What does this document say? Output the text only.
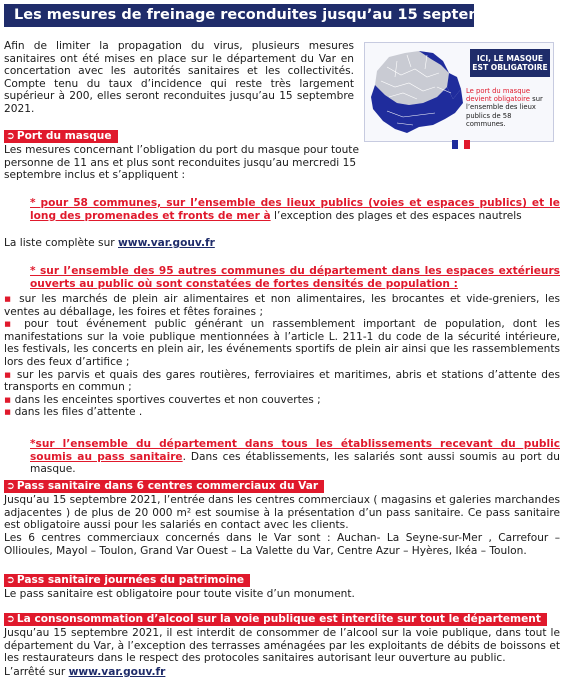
Les mesures de freinage reconduites jusqu’au 15 septembre

Afin de limiter la propagation du virus, plusieurs mesures sanitaires ont été mises en place sur le département du Var en concertation avec les autorités sanitaires et les collectivités. Compte tenu du taux d’incidence qui reste très largement supérieur à 200, elles seront reconduites jusqu’au 15 septembre 2021.

ICI, LE MASQUE EST OBLIGATOIRE
Le port du masque devient obligatoire sur l’ensemble des lieux publics de 58 communes.
➲ Port du masque

Les mesures concernant l’obligation du port du masque pour toute personne de 11 ans et plus sont reconduites jusqu’au mercredi 15 septembre inclus et s’appliquent :

* pour 58 communes, sur l’ensemble des lieux publics (voies et espaces publics) et le long des promenades et fronts de mer à l’exception des plages et des espaces nautrels

La liste complète sur www.var.gouv.fr

* sur l’ensemble des 95 autres communes du département dans les espaces extérieurs ouverts au public où sont constatées de fortes densités de population :

▪ sur les marchés de plein air alimentaires et non alimentaires, les brocantes et vide-greniers, les ventes au déballage, les foires et fêtes foraines ;
▪ pour tout événement public générant un rassemblement important de population, dont les manifestations sur la voie publique mentionnées à l’article L. 211-1 du code de la sécurité intérieure, les festivals, les concerts en plein air, les événements sportifs de plein air ainsi que les rassemblements lors des feux d’artifice ;
▪ sur les parvis et quais des gares routières, ferroviaires et maritimes, abris et stations d’attente des transports en commun ;
▪ dans les enceintes sportives couvertes et non couvertes ;
▪ dans les files d’attente .

*sur l’ensemble du département dans tous les établissements recevant du public soumis au pass sanitaire. Dans ces établissements, les salariés sont aussi soumis au port du masque.

➲ Pass sanitaire dans 6 centres commerciaux du Var

Jusqu’au 15 septembre 2021, l’entrée dans les centres commerciaux ( magasins et galeries marchandes adjacentes ) de plus de 20 000 m² est soumise à la présentation d’un pass sanitaire. Ce pass sanitaire est obligatoire aussi pour les salariés en contact avec les clients.

Les 6 centres commerciaux concernés dans le Var sont : Auchan- La Seyne-sur-Mer , Carrefour – Ollioules, Mayol – Toulon, Grand Var Ouest – La Valette du Var, Centre Azur – Hyères, Ikéa – Toulon.

➲ Pass sanitaire journées du patrimoine

Le pass sanitaire est obligatoire pour toute visite d’un monument.

➲ La consonsommation d’alcool sur la voie publique est interdite sur tout le département

Jusqu’au 15 septembre 2021, il est interdit de consommer de l’alcool sur la voie publique, dans tout le département du Var, à l’exception des terrasses aménagées par les exploitants de débits de boissons et les restaurateurs dans le respect des protocoles sanitaires autorisant leur ouverture au public.

L’arrêté sur www.var.gouv.fr
